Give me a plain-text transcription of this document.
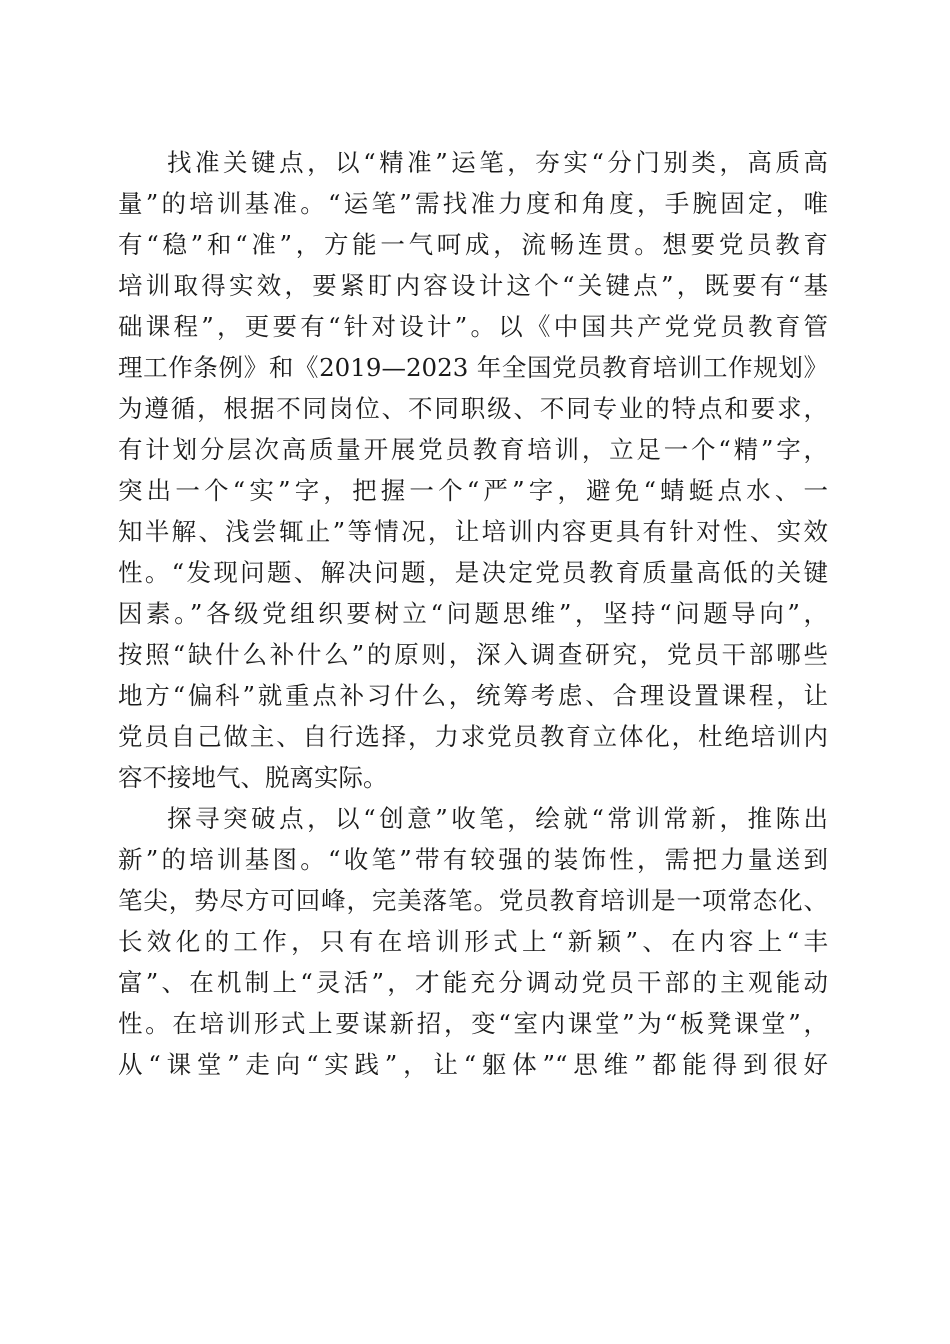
找准关键点，以“精准”运笔，夯实“分门别类，高质高
量”的培训基准。“运笔”需找准力度和角度，手腕固定，唯
有“稳”和“准”，方能一气呵成，流畅连贯。想要党员教育
培训取得实效，要紧盯内容设计这个“关键点”，既要有“基
础课程”，更要有“针对设计”。以《中国共产党党员教育管
理工作条例》和《2019—2023 年全国党员教育培训工作规划》
为遵循，根据不同岗位、不同职级、不同专业的特点和要求，
有计划分层次高质量开展党员教育培训，立足一个“精”字，
突出一个“实”字，把握一个“严”字，避免“蜻蜓点水、一
知半解、浅尝辄止”等情况，让培训内容更具有针对性、实效
性。“发现问题、解决问题，是决定党员教育质量高低的关键
因素。”各级党组织要树立“问题思维”，坚持“问题导向”，
按照“缺什么补什么”的原则，深入调查研究，党员干部哪些
地方“偏科”就重点补习什么，统筹考虑、合理设置课程，让
党员自己做主、自行选择，力求党员教育立体化，杜绝培训内
容不接地气、脱离实际。
探寻突破点，以“创意”收笔，绘就“常训常新，推陈出
新”的培训基图。“收笔”带有较强的装饰性，需把力量送到
笔尖，势尽方可回峰，完美落笔。党员教育培训是一项常态化、
长效化的工作，只有在培训形式上“新颖”、在内容上“丰
富”、在机制上“灵活”，才能充分调动党员干部的主观能动
性。在培训形式上要谋新招，变“室内课堂”为“板凳课堂”，
从“课堂”走向“实践”，让“躯体”“思维”都能得到很好
